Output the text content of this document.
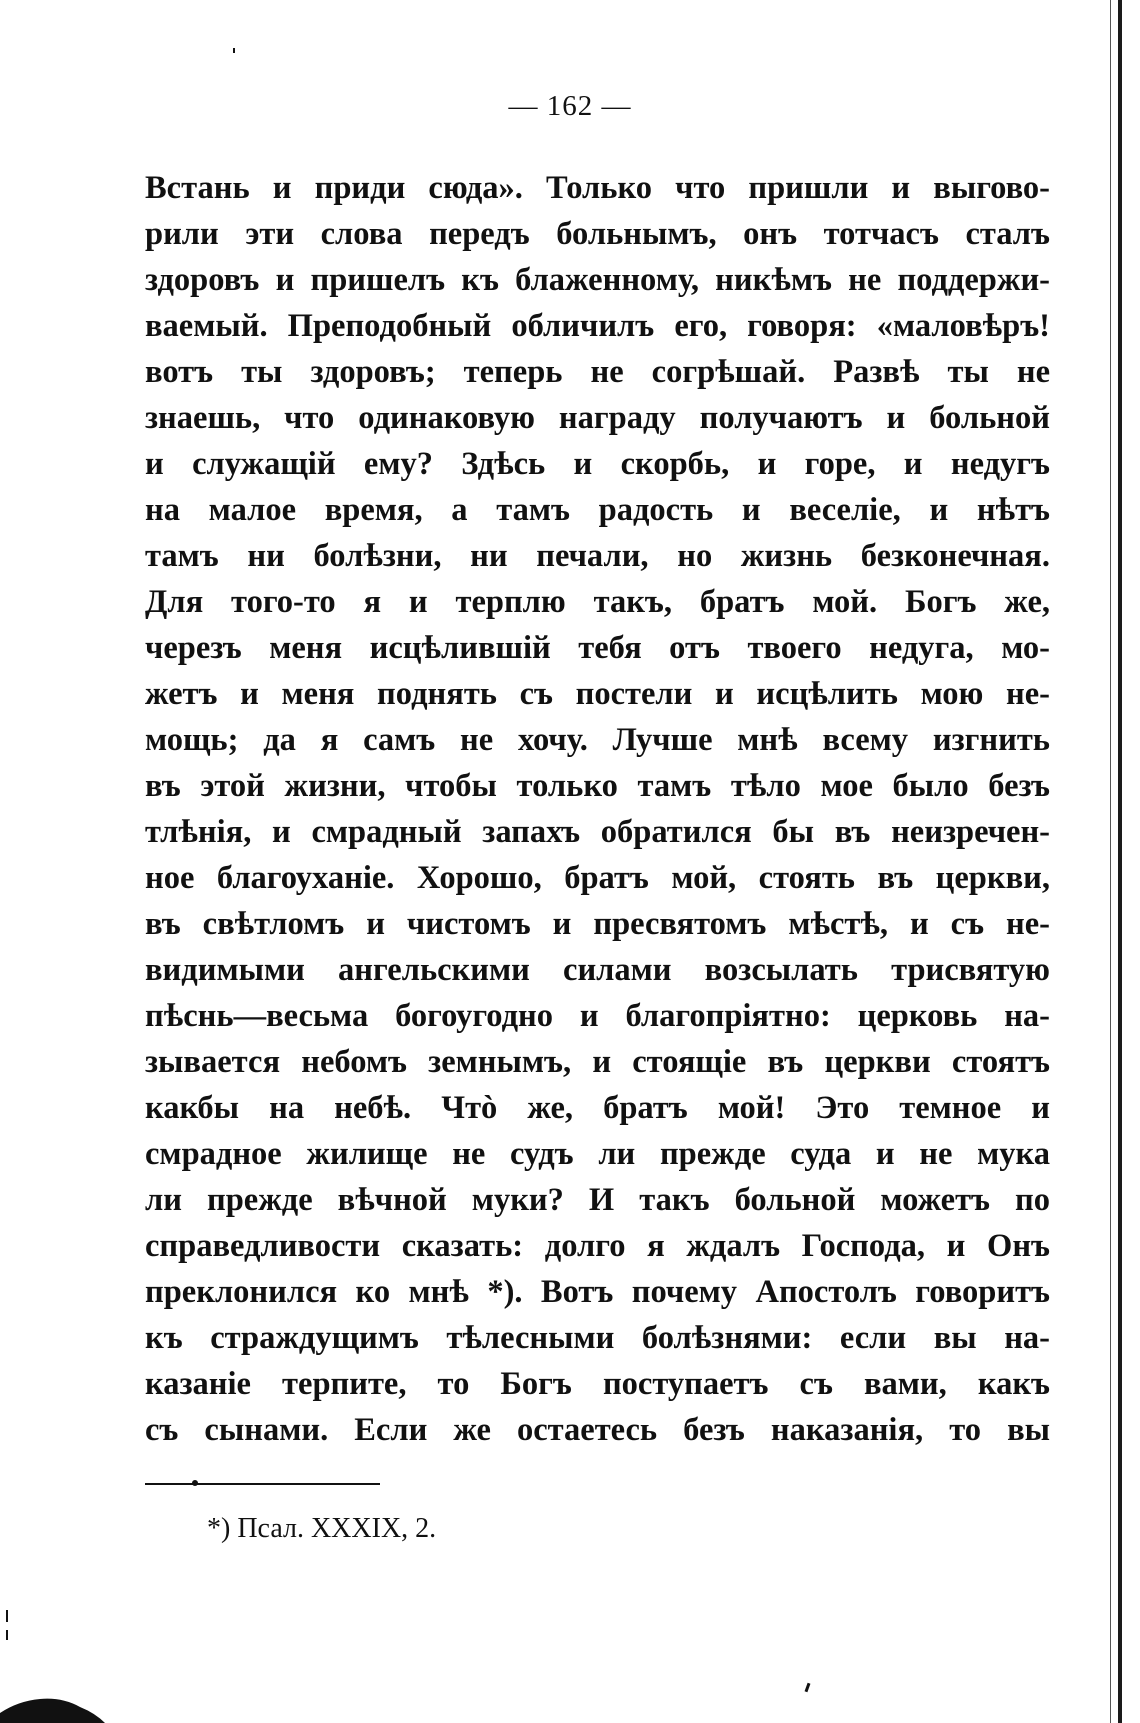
— 162 —
Встань и приди сюда». Только что пришли и выгово-
рили эти слова передъ больнымъ, онъ тотчасъ сталъ
здоровъ и пришелъ къ блаженному, никѣмъ не поддержи-
ваемый. Преподобный обличилъ его, говоря: «маловѣръ!
вотъ ты здоровъ; теперь не согрѣшай. Развѣ ты не
знаешь, что одинаковую награду получаютъ и больной
и служащій ему? Здѣсь и скорбь, и горе, и недугъ
на малое время, а тамъ радость и веселіе, и нѣтъ
тамъ ни болѣзни, ни печали, но жизнь безконечная.
Для того-то я и терплю такъ, братъ мой. Богъ же,
черезъ меня исцѣлившій тебя отъ твоего недуга, мо-
жетъ и меня поднять съ постели и исцѣлить мою не-
мощь; да я самъ не хочу. Лучше мнѣ всему изгнить
въ этой жизни, чтобы только тамъ тѣло мое было безъ
тлѣнія, и смрадный запахъ обратился бы въ неизречен-
ное благоуханіе. Хорошо, братъ мой, стоять въ церкви,
въ свѣтломъ и чистомъ и пресвятомъ мѣстѣ, и съ не-
видимыми ангельскими силами возсылать трисвятую
пѣснь—весьма богоугодно и благопріятно: церковь на-
зывается небомъ земнымъ, и стоящіе въ церкви стоятъ
какбы на небѣ. Чтò же, братъ мой! Это темное и
смрадное жилище не судъ ли прежде суда и не мука
ли прежде вѣчной муки? И такъ больной можетъ по
справедливости сказать: долго я ждалъ Господа, и Онъ
преклонился ко мнѣ *). Вотъ почему Апостолъ говоритъ
къ страждущимъ тѣлесными болѣзнями: если вы на-
казаніе терпите, то Богъ поступаетъ съ вами, какъ
съ сынами. Если же остаетесь безъ наказанія, то вы
*) Псал. XXXIX, 2.
